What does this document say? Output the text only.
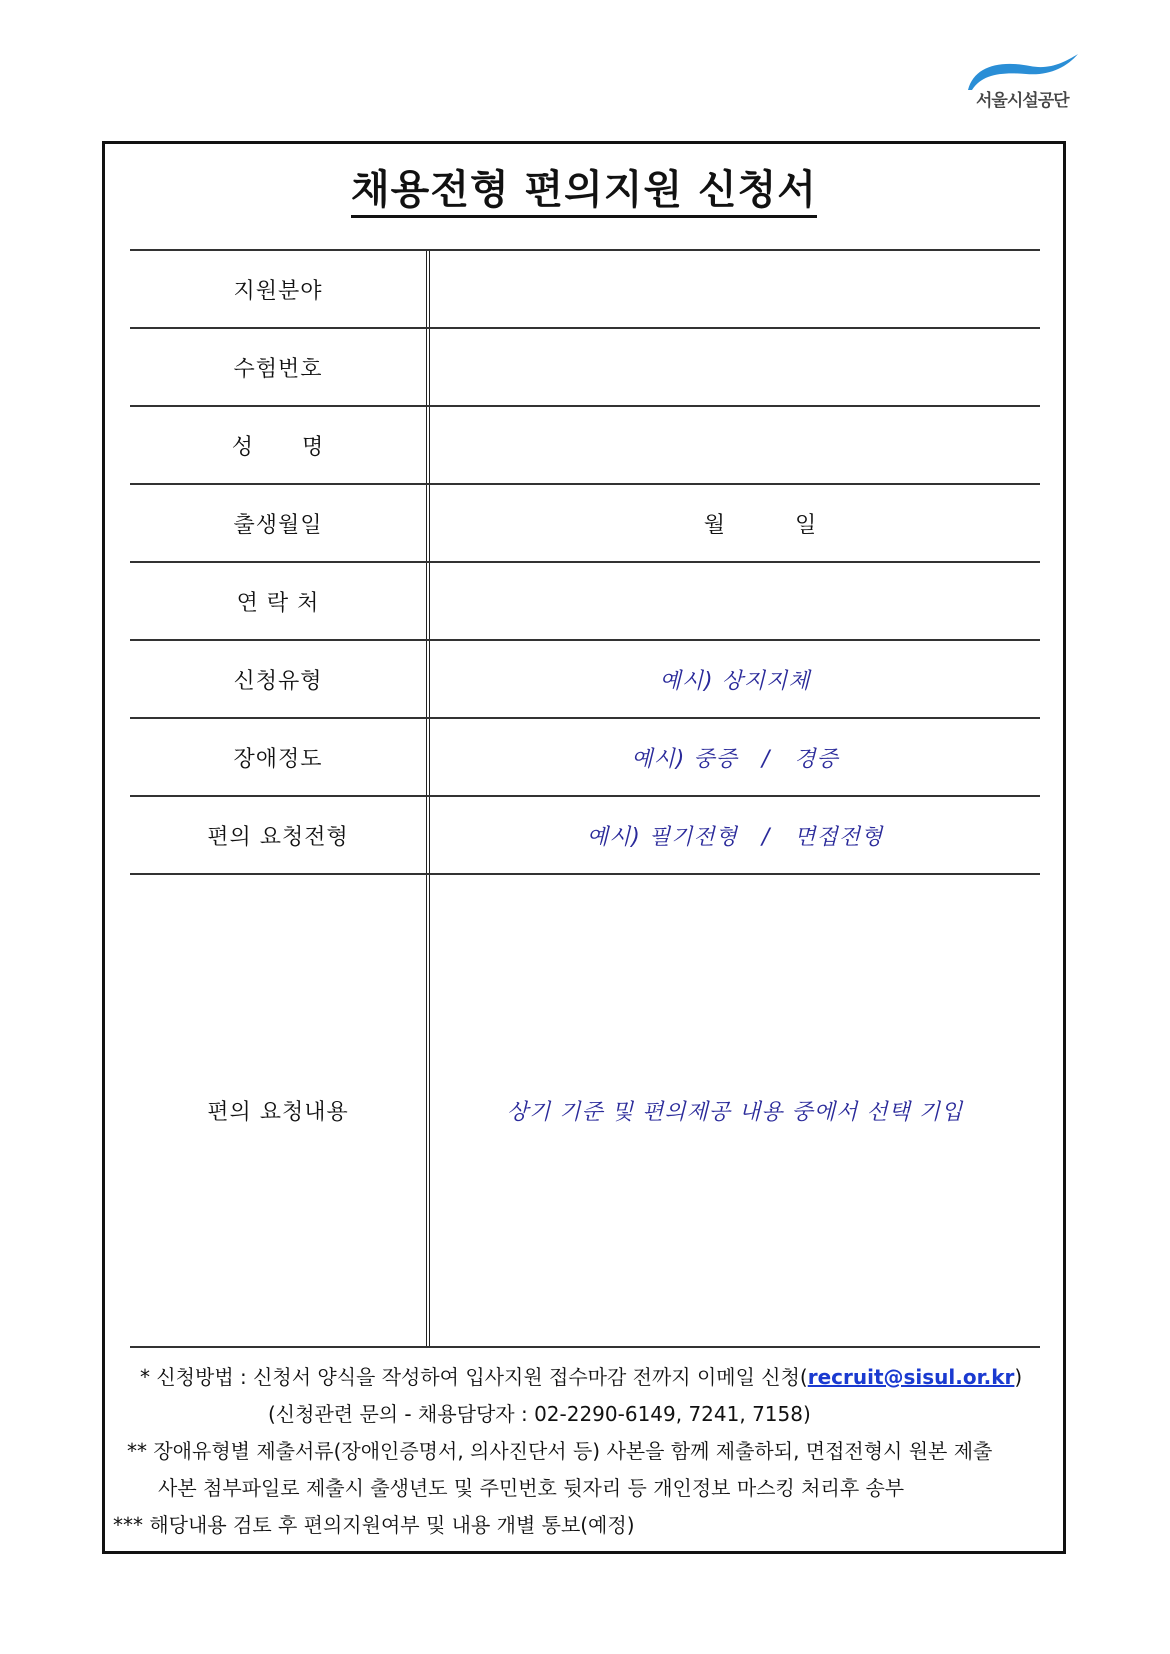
서울시설공단
채용전형 편의지원 신청서
지원분야
수험번호
성      명
출생월일	월          일
연 락 처
신청유형	예시) 상지지체
장애정도	예시) 중증   /   경증
편의 요청전형	예시) 필기전형   /   면접전형
편의 요청내용	상기 기준 및 편의제공 내용 중에서 선택 기입
* 신청방법 : 신청서 양식을 작성하여 입사지원 접수마감 전까지 이메일 신청(recruit@sisul.or.kr)
(신청관련 문의 - 채용담당자 : 02-2290-6149, 7241, 7158)
** 장애유형별 제출서류(장애인증명서, 의사진단서 등) 사본을 함께 제출하되, 면접전형시 원본 제출
사본 첨부파일로 제출시 출생년도 및 주민번호 뒷자리 등 개인정보 마스킹 처리후 송부
*** 해당내용 검토 후 편의지원여부 및 내용 개별 통보(예정)
